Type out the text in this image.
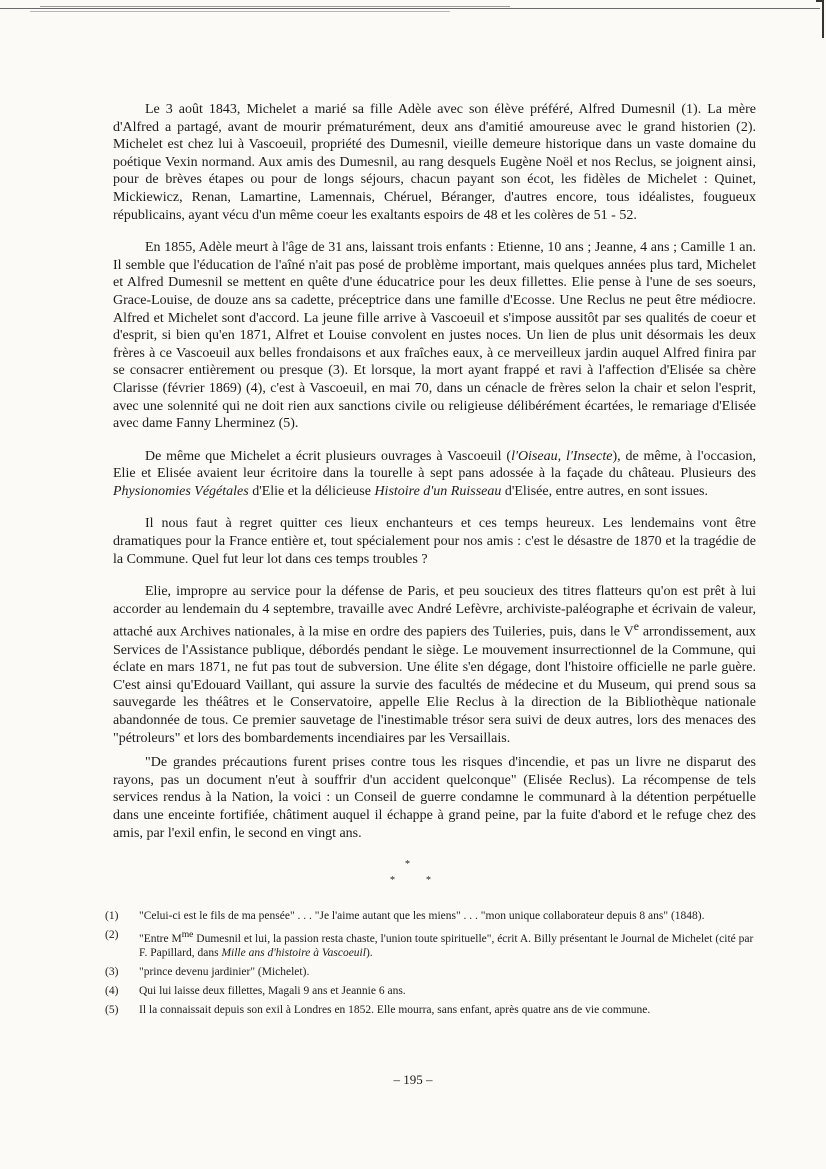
Le 3 août 1843, Michelet a marié sa fille Adèle avec son élève préféré, Alfred Dumesnil (1). La mère d'Alfred a partagé, avant de mourir prématurément, deux ans d'amitié amoureuse avec le grand historien (2). Michelet est chez lui à Vascoeuil, propriété des Dumesnil, vieille demeure historique dans un vaste domaine du poétique Vexin normand. Aux amis des Dumesnil, au rang desquels Eugène Noël et nos Reclus, se joignent ainsi, pour de brèves étapes ou pour de longs séjours, chacun payant son écot, les fidèles de Michelet : Quinet, Mickiewicz, Renan, Lamartine, Lamennais, Chéruel, Béranger, d'autres encore, tous idéalistes, fougueux républicains, ayant vécu d'un même coeur les exaltants espoirs de 48 et les colères de 51 - 52.

En 1855, Adèle meurt à l'âge de 31 ans, laissant trois enfants : Etienne, 10 ans ; Jeanne, 4 ans ; Camille 1 an. Il semble que l'éducation de l'aîné n'ait pas posé de problème important, mais quelques années plus tard, Michelet et Alfred Dumesnil se mettent en quête d'une éducatrice pour les deux fillettes. Elie pense à l'une de ses soeurs, Grace-Louise, de douze ans sa cadette, préceptrice dans une famille d'Ecosse. Une Reclus ne peut être médiocre. Alfred et Michelet sont d'accord. La jeune fille arrive à Vascoeuil et s'impose aussitôt par ses qualités de coeur et d'esprit, si bien qu'en 1871, Alfret et Louise convolent en justes noces. Un lien de plus unit désormais les deux frères à ce Vascoeuil aux belles frondaisons et aux fraîches eaux, à ce merveilleux jardin auquel Alfred finira par se consacrer entièrement ou presque (3). Et lorsque, la mort ayant frappé et ravi à l'affection d'Elisée sa chère Clarisse (février 1869) (4), c'est à Vascoeuil, en mai 70, dans un cénacle de frères selon la chair et selon l'esprit, avec une solennité qui ne doit rien aux sanctions civile ou religieuse délibérément écartées, le remariage d'Elisée avec dame Fanny Lherminez (5).

De même que Michelet a écrit plusieurs ouvrages à Vascoeuil (l'Oiseau, l'Insecte), de même, à l'occasion, Elie et Elisée avaient leur écritoire dans la tourelle à sept pans adossée à la façade du château. Plusieurs des Physionomies Végétales d'Elie et la délicieuse Histoire d'un Ruisseau d'Elisée, entre autres, en sont issues.

Il nous faut à regret quitter ces lieux enchanteurs et ces temps heureux. Les lendemains vont être dramatiques pour la France entière et, tout spécialement pour nos amis : c'est le désastre de 1870 et la tragédie de la Commune. Quel fut leur lot dans ces temps troubles ?

Elie, impropre au service pour la défense de Paris, et peu soucieux des titres flatteurs qu'on est prêt à lui accorder au lendemain du 4 septembre, travaille avec André Lefèvre, archiviste-paléographe et écrivain de valeur, attaché aux Archives nationales, à la mise en ordre des papiers des Tuileries, puis, dans le Ve arrondissement, aux Services de l'Assistance publique, débordés pendant le siège. Le mouvement insurrectionnel de la Commune, qui éclate en mars 1871, ne fut pas tout de subversion. Une élite s'en dégage, dont l'histoire officielle ne parle guère. C'est ainsi qu'Edouard Vaillant, qui assure la survie des facultés de médecine et du Museum, qui prend sous sa sauvegarde les théâtres et le Conservatoire, appelle Elie Reclus à la direction de la Bibliothèque nationale abandonnée de tous. Ce premier sauvetage de l'inestimable trésor sera suivi de deux autres, lors des menaces des "pétroleurs" et lors des bombardements incendiaires par les Versaillais.

"De grandes précautions furent prises contre tous les risques d'incendie, et pas un livre ne disparut des rayons, pas un document n'eut à souffrir d'un accident quelconque" (Elisée Reclus). La récompense de tels services rendus à la Nation, la voici : un Conseil de guerre condamne le communard à la détention perpétuelle dans une enceinte fortifiée, châtiment auquel il échappe à grand peine, par la fuite d'abord et le refuge chez des amis, par l'exil enfin, le second en vingt ans.

*
*	*
(1)	"Celui-ci est le fils de ma pensée" . . . "Je l'aime autant que les miens" . . . "mon unique collaborateur depuis 8 ans" (1848).
(2)	"Entre $M^{me}$ Dumesnil et lui, la passion resta chaste, l'union toute spirituelle", écrit A. Billy présentant le Journal de Michelet (cité par F. Papillard, dans Mille ans d'histoire à Vascoeuil).
(3)	"prince devenu jardinier" (Michelet).
(4)	Qui lui laisse deux fillettes, Magali 9 ans et Jeannie 6 ans.
(5)	Il la connaissait depuis son exil à Londres en 1852. Elle mourra, sans enfant, après quatre ans de vie commune.
– 195 –
